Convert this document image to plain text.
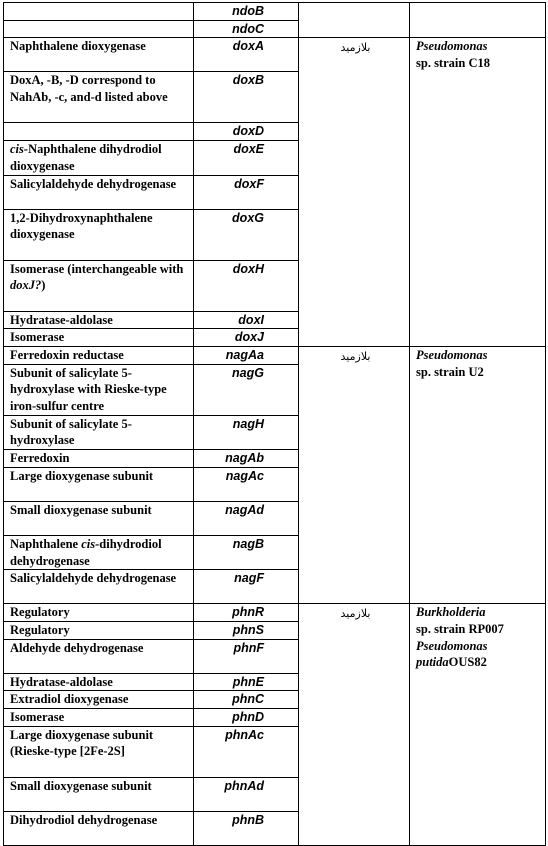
	ndoB		
	ndoC		
Naphthalene dioxygenase	doxA	بلازميد	Pseudomonas
sp. strain C18
DoxA, -B, -D correspond to NahAb, -c, and-d listed above	doxB		
	doxD		
cis-Naphthalene dihydrodiol dioxygenase	doxE		
Salicylaldehyde dehydrogenase	doxF		
1,2-Dihydroxynaphthalene dioxygenase	doxG		
Isomerase (interchangeable with doxJ?)	doxH		
Hydratase-aldolase	doxI		
Isomerase	doxJ		
Ferredoxin reductase	nagAa	بلازميد	Pseudomonas
sp. strain U2
Subunit of salicylate 5-hydroxylase with Rieske-type iron-sulfur centre	nagG		
Subunit of salicylate 5-hydroxylase	nagH		
Ferredoxin	nagAb		
Large dioxygenase subunit	nagAc		
Small dioxygenase subunit	nagAd		
Naphthalene cis-dihydrodiol dehydrogenase	nagB		
Salicylaldehyde dehydrogenase	nagF		
Regulatory	phnR	بلازميد	Burkholderia
sp. strain RP007
Pseudomonas putidaOUS82
Regulatory	phnS		
Aldehyde dehydrogenase	phnF		
Hydratase-aldolase	phnE		
Extradiol dioxygenase	phnC		
Isomerase	phnD		
Large dioxygenase subunit (Rieske-type [2Fe-2S]	phnAc		
Small dioxygenase subunit	phnAd		
Dihydrodiol dehydrogenase	phnB		
